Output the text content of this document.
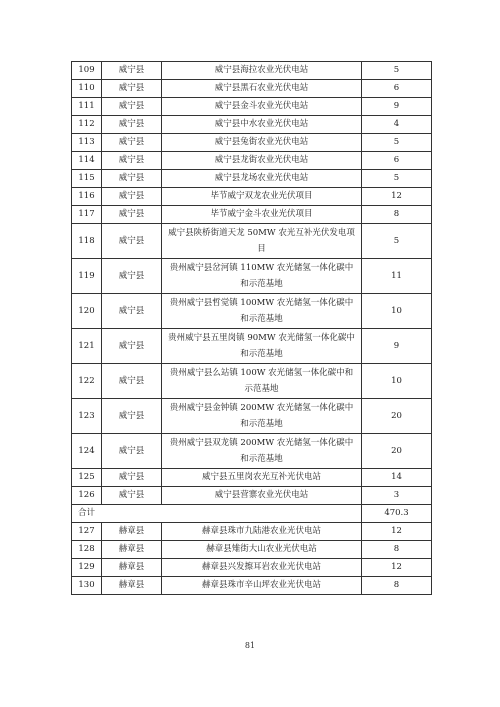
109	威宁县	威宁县海拉农业光伏电站	5
110	威宁县	威宁县黑石农业光伏电站	6
111	威宁县	威宁县金斗农业光伏电站	9
112	威宁县	威宁县中水农业光伏电站	4
113	威宁县	威宁县兔街农业光伏电站	5
114	威宁县	威宁县龙街农业光伏电站	6
115	威宁县	威宁县龙场农业光伏电站	5
116	威宁县	毕节威宁双龙农业光伏项目	12
117	威宁县	毕节威宁金斗农业光伏项目	8
118	威宁县	威宁县陕桥街道天龙 50MW 农光互补光伏发电项目	5
119	威宁县	贵州威宁县岔河镇 110MW 农光储氢一体化碳中和示范基地	11
120	威宁县	贵州威宁县哲觉镇 100MW 农光储氢一体化碳中和示范基地	10
121	威宁县	贵州威宁县五里岗镇 90MW 农光储氢一体化碳中和示范基地	9
122	威宁县	贵州威宁县么站镇 100W 农光储氢一体化碳中和示范基地	10
123	威宁县	贵州威宁县金钟镇 200MW 农光储氢一体化碳中和示范基地	20
124	威宁县	贵州威宁县双龙镇 200MW 农光储氢一体化碳中和示范基地	20
125	威宁县	威宁县五里岗农光互补光伏电站	14
126	威宁县	威宁县营寨农业光伏电站	3
合计			470.3
127	赫章县	赫章县珠市九陆港农业光伏电站	12
128	赫章县	赫章县雉街大山农业光伏电站	8
129	赫章县	赫章县兴发擦耳岩农业光伏电站	12
130	赫章县	赫章县珠市辛山坪农业光伏电站	8
81
